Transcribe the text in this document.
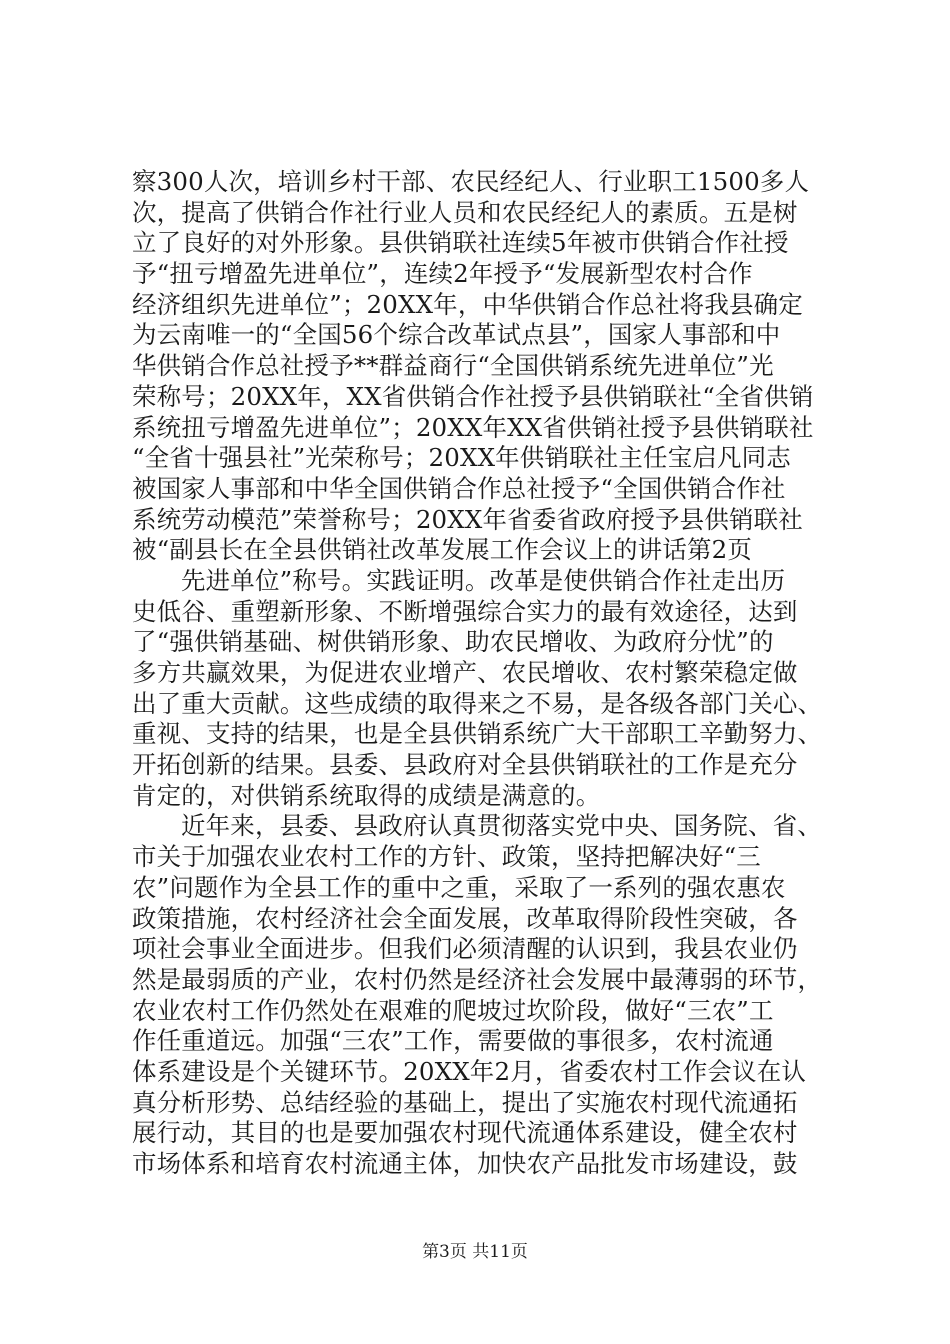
察300人次，培训乡村干部、农民经纪人、行业职工1500多人
次，提高了供销合作社行业人员和农民经纪人的素质。五是树
立了良好的对外形象。县供销联社连续5年被市供销合作社授
予“扭亏增盈先进单位”，连续2年授予“发展新型农村合作
经济组织先进单位”；20XX年，中华供销合作总社将我县确定
为云南唯一的“全国56个综合改革试点县”，国家人事部和中
华供销合作总社授予**群益商行“全国供销系统先进单位”光
荣称号；20XX年，XX省供销合作社授予县供销联社“全省供销
系统扭亏增盈先进单位”；20XX年XX省供销社授予县供销联社
“全省十强县社”光荣称号；20XX年供销联社主任宝启凡同志
被国家人事部和中华全国供销合作总社授予“全国供销合作社
系统劳动模范”荣誉称号；20XX年省委省政府授予县供销联社
被“副县长在全县供销社改革发展工作会议上的讲话第2页
先进单位”称号。实践证明。改革是使供销合作社走出历
史低谷、重塑新形象、不断增强综合实力的最有效途径，达到
了“强供销基础、树供销形象、助农民增收、为政府分忧”的
多方共赢效果，为促进农业增产、农民增收、农村繁荣稳定做
出了重大贡献。这些成绩的取得来之不易，是各级各部门关心、
重视、支持的结果，也是全县供销系统广大干部职工辛勤努力、
开拓创新的结果。县委、县政府对全县供销联社的工作是充分
肯定的，对供销系统取得的成绩是满意的。
近年来，县委、县政府认真贯彻落实党中央、国务院、省、
市关于加强农业农村工作的方针、政策，坚持把解决好“三
农”问题作为全县工作的重中之重，采取了一系列的强农惠农
政策措施，农村经济社会全面发展，改革取得阶段性突破，各
项社会事业全面进步。但我们必须清醒的认识到，我县农业仍
然是最弱质的产业，农村仍然是经济社会发展中最薄弱的环节，
农业农村工作仍然处在艰难的爬坡过坎阶段，做好“三农”工
作任重道远。加强“三农”工作，需要做的事很多，农村流通
体系建设是个关键环节。20XX年2月，省委农村工作会议在认
真分析形势、总结经验的基础上，提出了实施农村现代流通拓
展行动，其目的也是要加强农村现代流通体系建设，健全农村
市场体系和培育农村流通主体，加快农产品批发市场建设，鼓
第3页 共11页
